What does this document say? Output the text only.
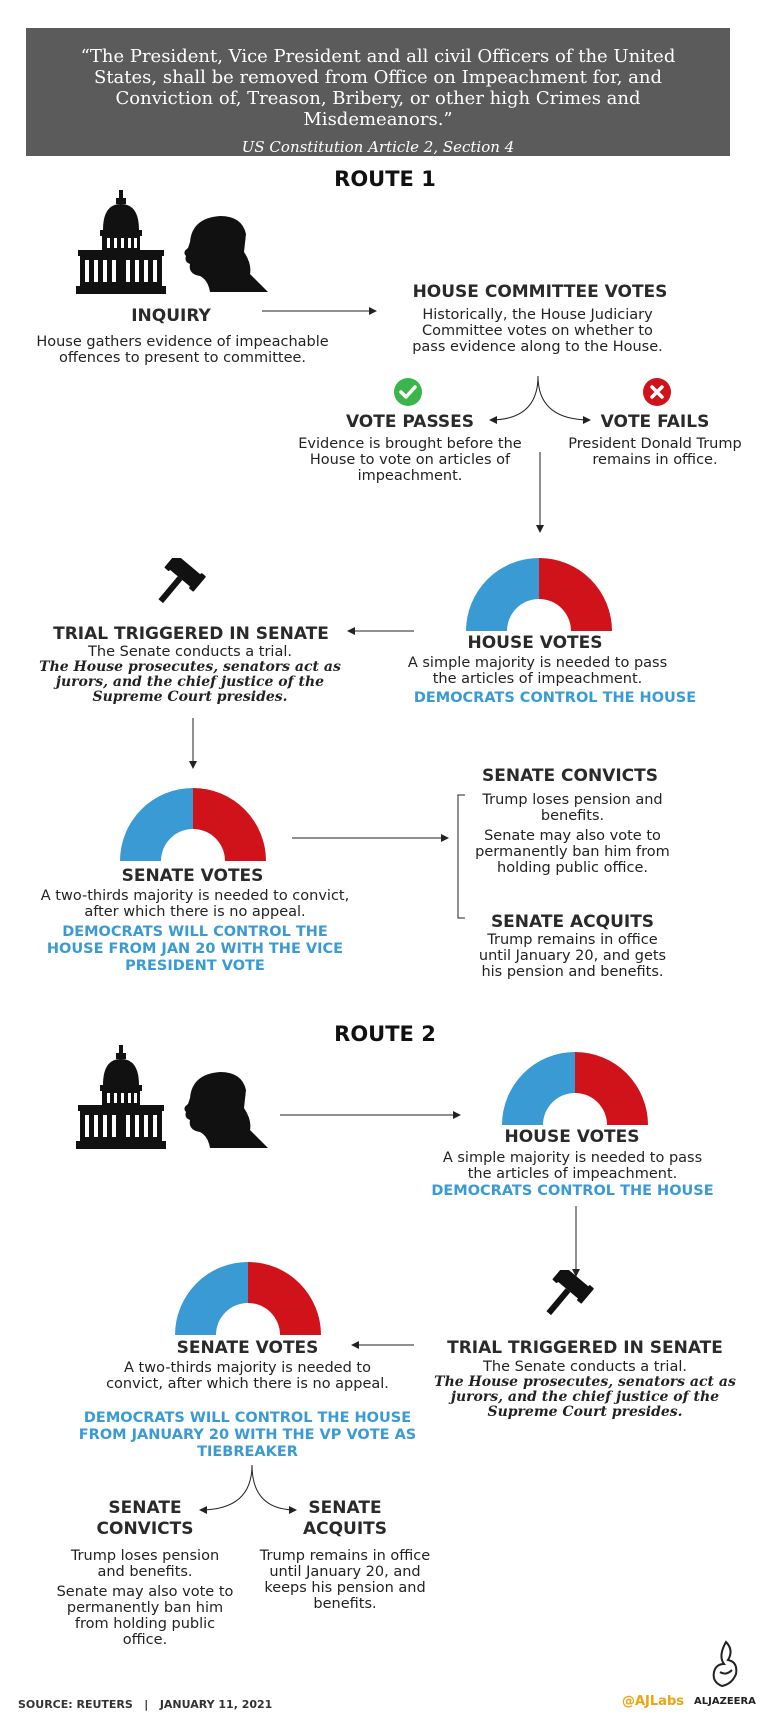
“The President, Vice President and all civil Officers of the United States, shall be removed from Office on Impeachment for, and Conviction of, Treason, Bribery, or other high Crimes and Misdemeanors.”
US Constitution Article 2, Section 4
ROUTE 1
INQUIRY
House gathers evidence of impeachable offences to present to committee.
HOUSE COMMITTEE VOTES
Historically, the House Judiciary Committee votes on whether to pass evidence along to the House.
VOTE PASSES
Evidence is brought before the House to vote on articles of impeachment.
VOTE FAILS
President Donald Trump remains in office.
HOUSE VOTES
A simple majority is needed to pass the articles of impeachment.
DEMOCRATS CONTROL THE HOUSE
TRIAL TRIGGERED IN SENATE
The Senate conducts a trial.
The House prosecutes, senators act as jurors, and the chief justice of the Supreme Court presides.
SENATE VOTES
A two-thirds majority is needed to convict, after which there is no appeal.
DEMOCRATS WILL CONTROL THE HOUSE FROM JAN 20 WITH THE VICE PRESIDENT VOTE
SENATE CONVICTS
Trump loses pension and benefits.
Senate may also vote to permanently ban him from holding public office.
SENATE ACQUITS
Trump remains in office until January 20, and gets his pension and benefits.
ROUTE 2
HOUSE VOTES
A simple majority is needed to pass the articles of impeachment.
DEMOCRATS CONTROL THE HOUSE
TRIAL TRIGGERED IN SENATE
The Senate conducts a trial.
The House prosecutes, senators act as jurors, and the chief justice of the Supreme Court presides.
SENATE VOTES
A two-thirds majority is needed to convict, after which there is no appeal.
DEMOCRATS WILL CONTROL THE HOUSE FROM JANUARY 20 WITH THE VP VOTE AS TIEBREAKER
SENATE CONVICTS
Trump loses pension and benefits.
Senate may also vote to permanently ban him from holding public office.
SENATE ACQUITS
Trump remains in office until January 20, and keeps his pension and benefits.
SOURCE: REUTERS   |   JANUARY 11, 2021	@AJLabs ALJAZEERA
